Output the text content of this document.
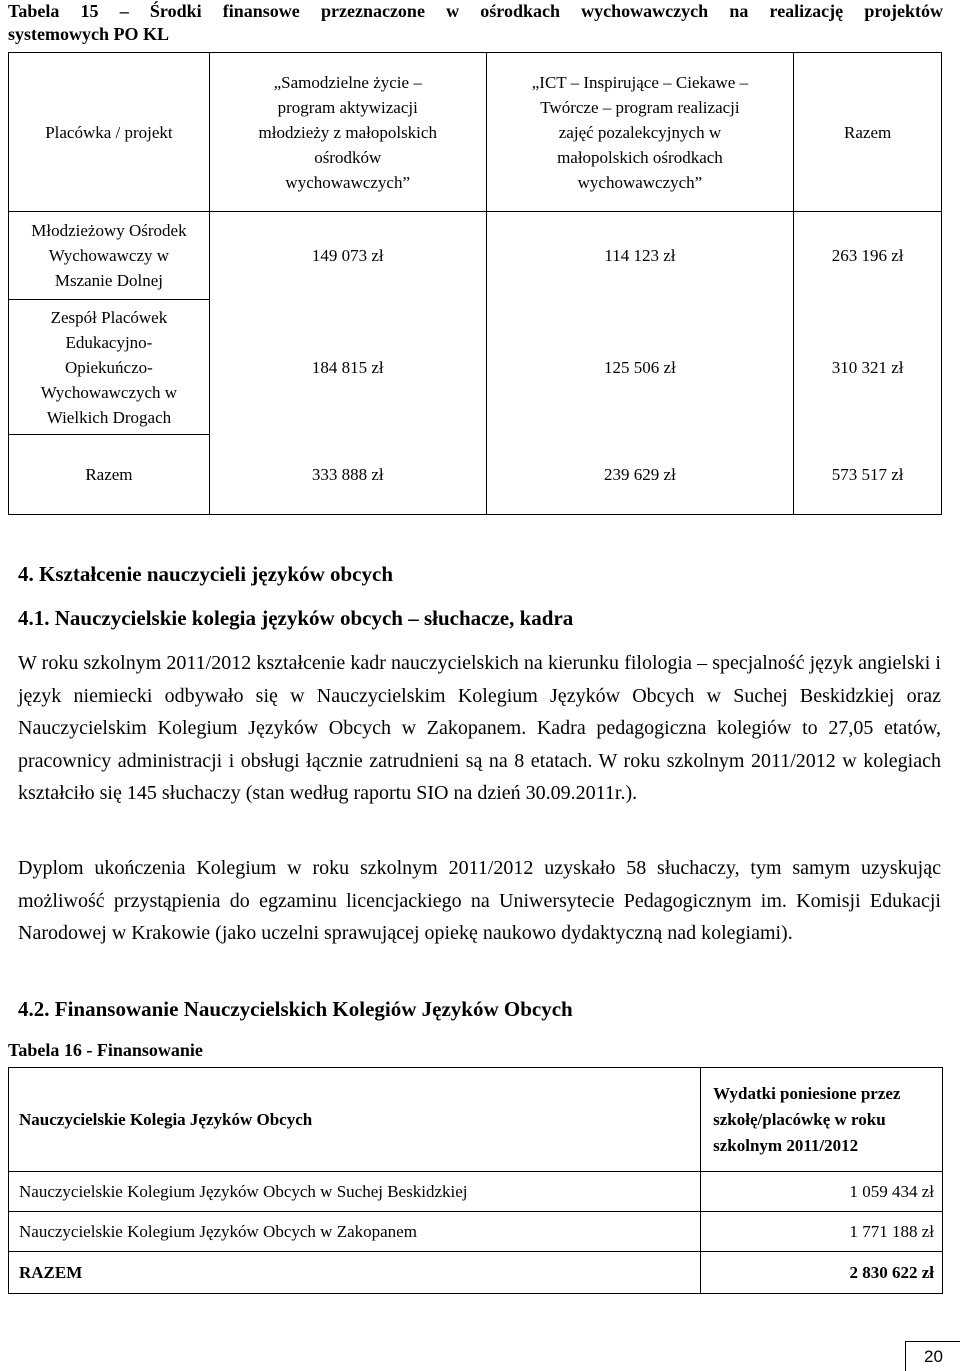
Tabela 15 – Środki finansowe przeznaczone w ośrodkach wychowawczych na realizację projektów
systemowych PO KL
Placówka / projekt	„Samodzielne życie – program aktywizacji młodzieży z małopolskich ośrodków wychowawczych”	„ICT – Inspirujące – Ciekawe – Twórcze – program realizacji zajęć pozalekcyjnych w małopolskich ośrodkach wychowawczych”	Razem
Młodzieżowy Ośrodek Wychowawczy w Mszanie Dolnej	149 073 zł	114 123 zł	263 196 zł
Zespół Placówek Edukacyjno-Opiekuńczo-Wychowawczych w Wielkich Drogach	184 815 zł	125 506 zł	310 321 zł
Razem	333 888 zł	239 629 zł	573 517 zł
4. Kształcenie nauczycieli języków obcych
4.1. Nauczycielskie kolegia języków obcych – słuchacze, kadra
W roku szkolnym 2011/2012 kształcenie kadr nauczycielskich na kierunku filologia – specjalność język angielski i język niemiecki odbywało się w Nauczycielskim Kolegium Języków Obcych w Suchej Beskidzkiej oraz Nauczycielskim Kolegium Języków Obcych w Zakopanem. Kadra pedagogiczna kolegiów to 27,05 etatów, pracownicy administracji i obsługi łącznie zatrudnieni są na 8 etatach. W roku szkolnym 2011/2012 w kolegiach kształciło się 145 słuchaczy (stan według raportu SIO na dzień 30.09.2011r.).
Dyplom ukończenia Kolegium w roku szkolnym 2011/2012 uzyskało 58 słuchaczy, tym samym uzyskując możliwość przystąpienia do egzaminu licencjackiego na Uniwersytecie Pedagogicznym im. Komisji Edukacji Narodowej w Krakowie (jako uczelni sprawującej opiekę naukowo dydaktyczną nad kolegiami).
4.2. Finansowanie Nauczycielskich Kolegiów Języków Obcych
Tabela 16 - Finansowanie
Nauczycielskie Kolegia Języków Obcych	Wydatki poniesione przez szkołę/placówkę w roku szkolnym 2011/2012
Nauczycielskie Kolegium Języków Obcych w Suchej Beskidzkiej	1 059 434 zł
Nauczycielskie Kolegium Języków Obcych w Zakopanem	1 771 188 zł
RAZEM	2 830 622 zł
20
